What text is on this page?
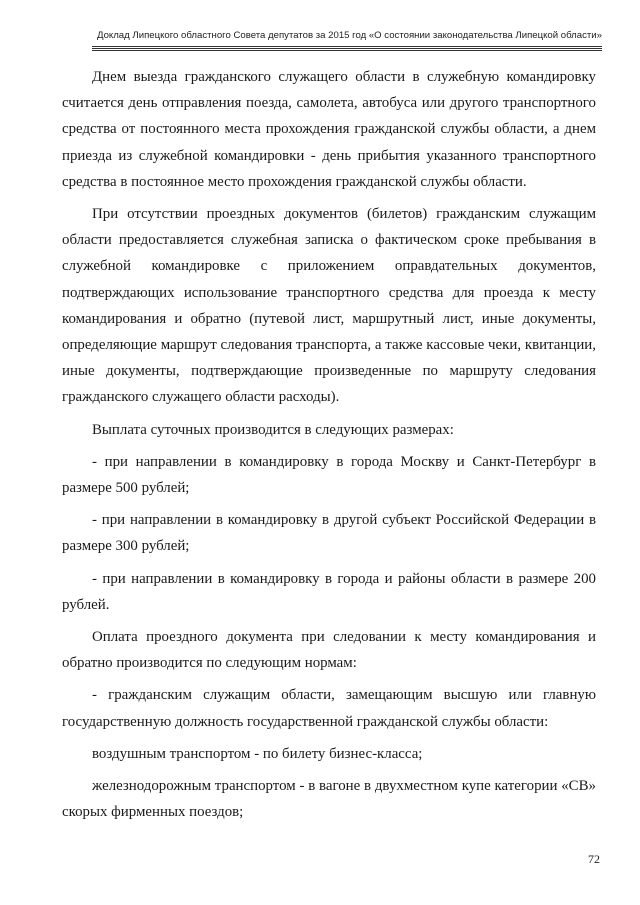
Доклад Липецкого областного Совета депутатов за 2015 год «О состоянии законодательства Липецкой области»

Днем выезда гражданского служащего области в служебную командировку считается день отправления поезда, самолета, автобуса или другого транспортного средства от постоянного места прохождения гражданской службы области, а днем приезда из служебной командировки - день прибытия указанного транспортного средства в постоянное место прохождения гражданской службы области.

При отсутствии проездных документов (билетов) гражданским служащим области предоставляется служебная записка о фактическом сроке пребывания в служебной командировке с приложением оправдательных документов, подтверждающих использование транспортного средства для проезда к месту командирования и обратно (путевой лист, маршрутный лист, иные документы, определяющие маршрут следования транспорта, а также кассовые чеки, квитанции, иные документы, подтверждающие произведенные по маршруту следования гражданского служащего области расходы).

Выплата суточных производится в следующих размерах:

- при направлении в командировку в города Москву и Санкт-Петербург в размере 500 рублей;

- при направлении в командировку в другой субъект Российской Федерации в размере 300 рублей;

- при направлении в командировку в города и районы области в размере 200 рублей.

Оплата проездного документа при следовании к месту командирования и обратно производится по следующим нормам:

- гражданским служащим области, замещающим высшую или главную государственную должность государственной гражданской службы области:

воздушным транспортом - по билету бизнес-класса;

железнодорожным транспортом - в вагоне в двухместном купе категории «СВ» скорых фирменных поездов;

72
